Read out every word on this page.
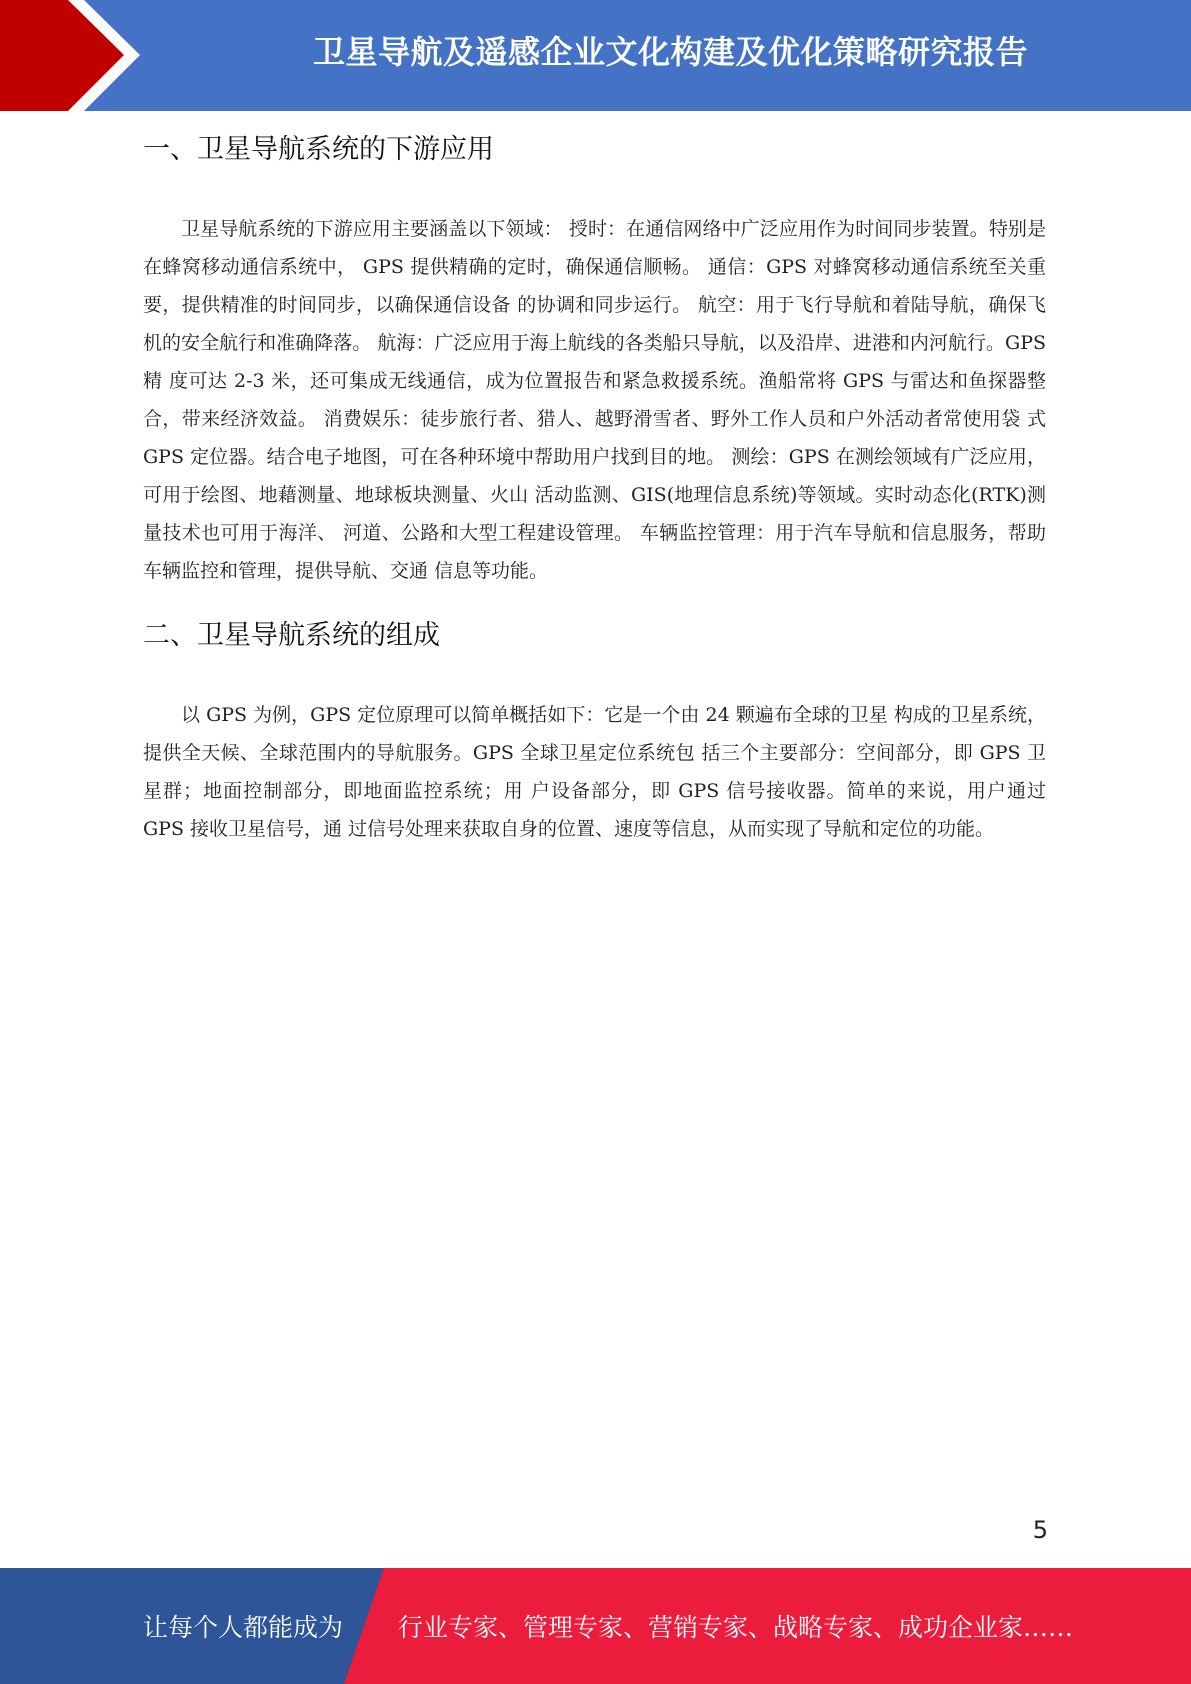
卫星导航及遥感企业文化构建及优化策略研究报告
一、卫星导航系统的下游应用

卫星导航系统的下游应用主要涵盖以下领域： 授时：在通信网络中广泛应用作为时间同步装置。特别是在蜂窝移动通信系统中， GPS 提供精确的定时，确保通信顺畅。 通信：GPS 对蜂窝移动通信系统至关重要，提供精准的时间同步，以确保通信设备 的协调和同步运行。 航空：用于飞行导航和着陆导航，确保飞机的安全航行和准确降落。 航海：广泛应用于海上航线的各类船只导航，以及沿岸、进港和内河航行。GPS 精 度可达 2-3 米，还可集成无线通信，成为位置报告和紧急救援系统。渔船常将 GPS 与雷达和鱼探器整合，带来经济效益。 消费娱乐：徒步旅行者、猎人、越野滑雪者、野外工作人员和户外活动者常使用袋 式 GPS 定位器。结合电子地图，可在各种环境中帮助用户找到目的地。 测绘：GPS 在测绘领域有广泛应用，可用于绘图、地藉测量、地球板块测量、火山 活动监测、GIS(地理信息系统)等领域。实时动态化(RTK)测量技术也可用于海洋、 河道、公路和大型工程建设管理。 车辆监控管理：用于汽车导航和信息服务，帮助车辆监控和管理，提供导航、交通 信息等功能。

二、卫星导航系统的组成

以 GPS 为例，GPS 定位原理可以简单概括如下：它是一个由 24 颗遍布全球的卫星 构成的卫星系统，提供全天候、全球范围内的导航服务。GPS 全球卫星定位系统包 括三个主要部分：空间部分，即 GPS 卫星群；地面控制部分，即地面监控系统；用 户设备部分，即 GPS 信号接收器。简单的来说，用户通过 GPS 接收卫星信号，通 过信号处理来获取自身的位置、速度等信息，从而实现了导航和定位的功能。

5
让每个人都能成为 行业专家、管理专家、营销专家、战略专家、成功企业家……
